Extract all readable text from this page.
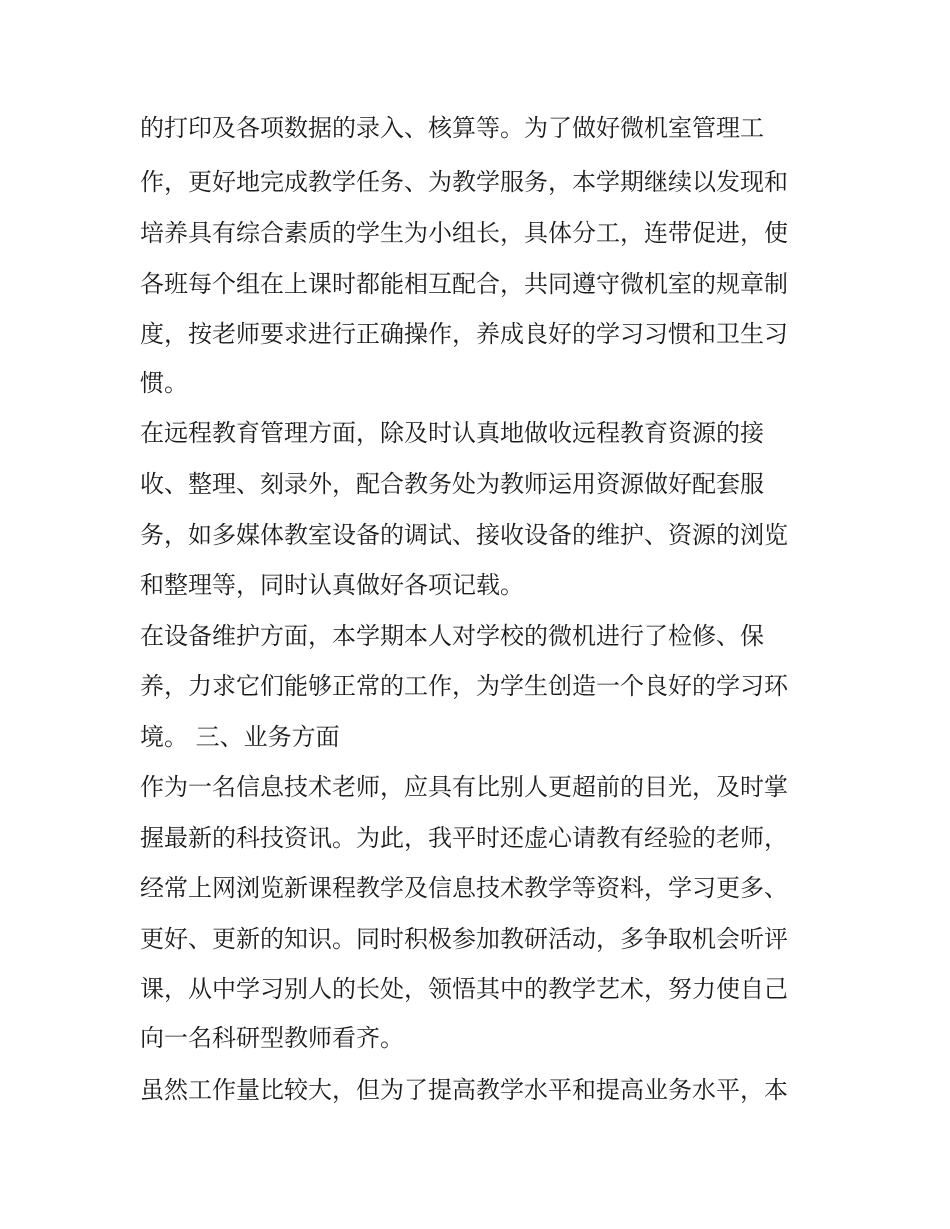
的打印及各项数据的录入、核算等。为了做好微机室管理工
作，更好地完成教学任务、为教学服务，本学期继续以发现和
培养具有综合素质的学生为小组长，具体分工，连带促进，使
各班每个组在上课时都能相互配合，共同遵守微机室的规章制
度，按老师要求进行正确操作，养成良好的学习习惯和卫生习
惯。
在远程教育管理方面，除及时认真地做收远程教育资源的接
收、整理、刻录外，配合教务处为教师运用资源做好配套服
务，如多媒体教室设备的调试、接收设备的维护、资源的浏览
和整理等，同时认真做好各项记载。
在设备维护方面，本学期本人对学校的微机进行了检修、保
养，力求它们能够正常的工作，为学生创造一个良好的学习环
境。 三、业务方面
作为一名信息技术老师，应具有比别人更超前的目光，及时掌
握最新的科技资讯。为此，我平时还虚心请教有经验的老师，
经常上网浏览新课程教学及信息技术教学等资料，学习更多、
更好、更新的知识。同时积极参加教研活动，多争取机会听评
课，从中学习别人的长处，领悟其中的教学艺术，努力使自己
向一名科研型教师看齐。
虽然工作量比较大，但为了提高教学水平和提高业务水平，本
